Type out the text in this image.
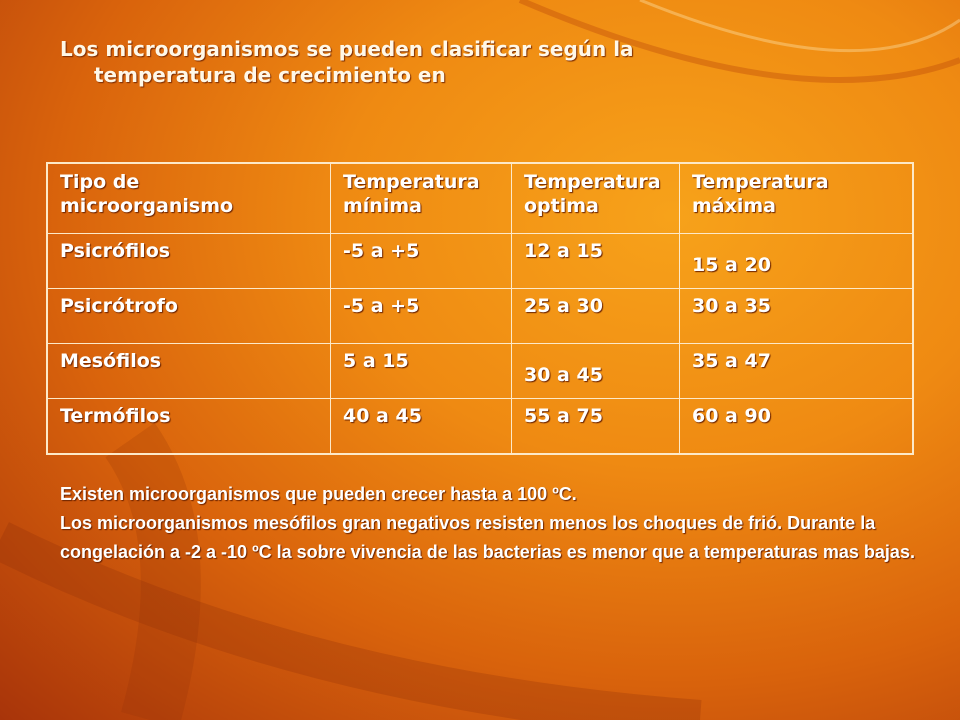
Los microorganismos se pueden clasificar según la
temperatura de crecimiento en
Tipo de microorganismo	Temperatura mínima	Temperatura optima	Temperatura máxima
Psicrófilos	-5 a +5	12 a 15	15 a 20
Psicrótrofo	-5 a +5	25 a 30	30 a 35
Mesófilos	5 a 15	30 a 45	35 a 47
Termófilos	40 a 45	55 a 75	60 a 90

Existen microorganismos que pueden crecer hasta a 100 ºC.

Los microorganismos mesófilos gran negativos resisten menos los choques de frió. Durante la congelación a -2 a -10 ºC la sobre vivencia de las bacterias es menor que a temperaturas mas bajas.
